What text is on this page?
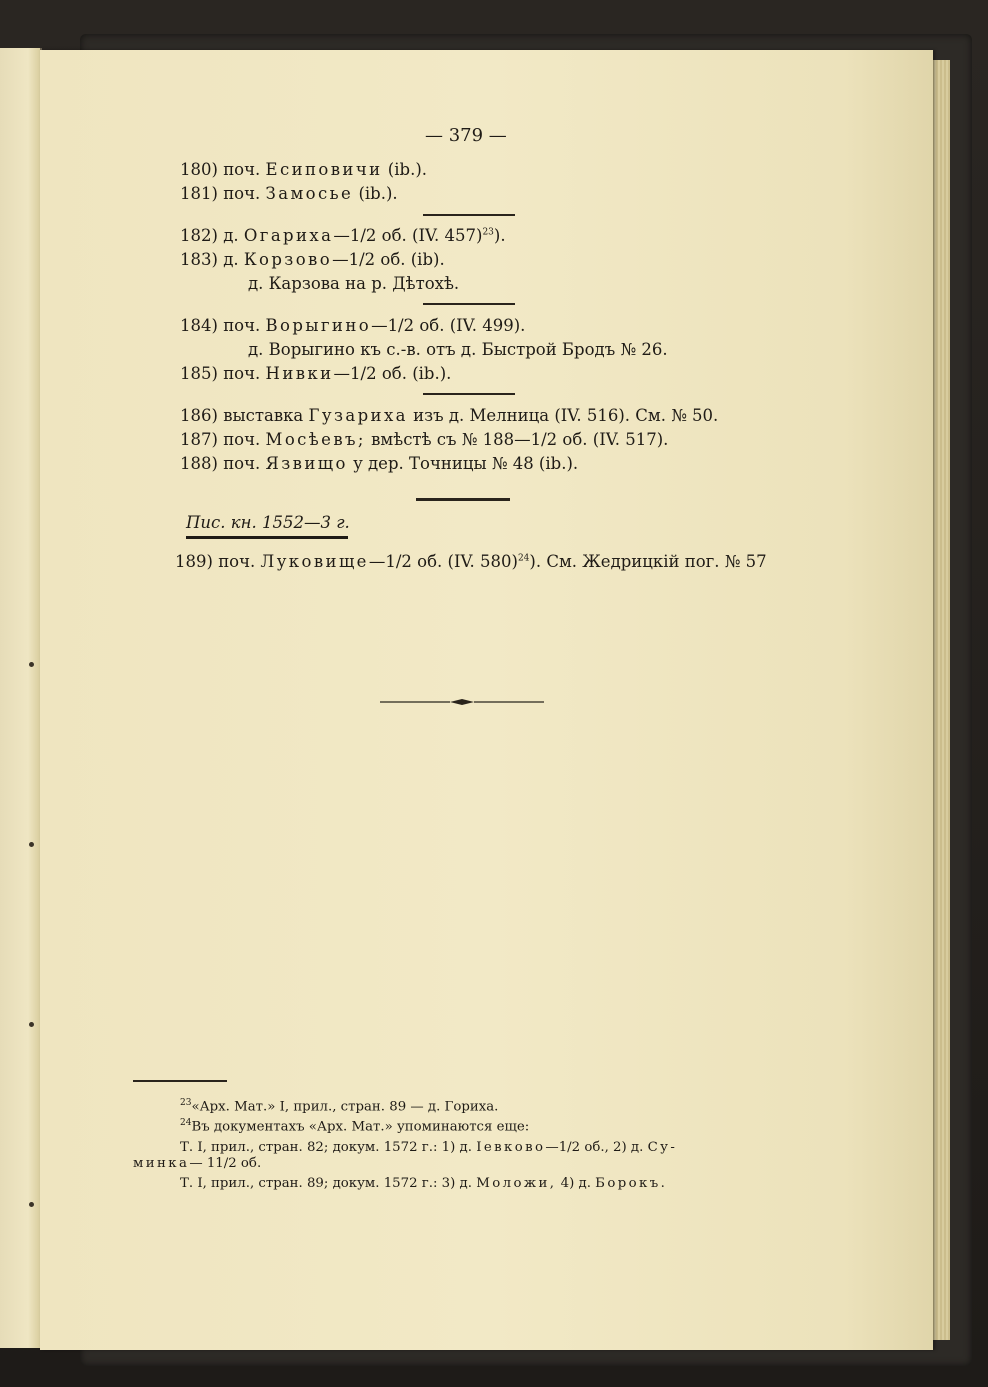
— 379 —
180) поч. Есиповичи (ib.).
181) поч. Замосье (ib.).
182) д. Огариха—1/2 об. (IV. 457)$^{23}$).
183) д. Корзово—1/2 об. (ib).
д. Карзова на р. Дѣтохѣ.
184) поч. Ворыгино—1/2 об. (IV. 499).
д. Ворыгино къ с.-в. отъ д. Быстрой Бродъ № 26.
185) поч. Нивки—1/2 об. (ib.).
186) выставка Гузариха изъ д. Мелница (IV. 516). См. № 50.
187) поч. Мосѣевъ; вмѣстѣ съ № 188—1/2 об. (IV. 517).
188) поч. Язвищо у дер. Точницы № 48 (ib.).
Пис. кн. 1552—3 г.
189) поч. Луковище—1/2 об. (IV. 580)$^{24}$). См. Жедрицкій пог. № 57
$^{23}$«Арх. Мат.» I, прил., стран. 89 — д. Гориха.
$^{24}$Въ документахъ «Арх. Мат.» упоминаются еще:
Т. I, прил., стран. 82; докум. 1572 г.: 1) д. Іевково—1/2 об., 2) д. Су-
минка— 11/2 об.
Т. I, прил., стран. 89; докум. 1572 г.: 3) д. Моложи, 4) д. Борокъ.
